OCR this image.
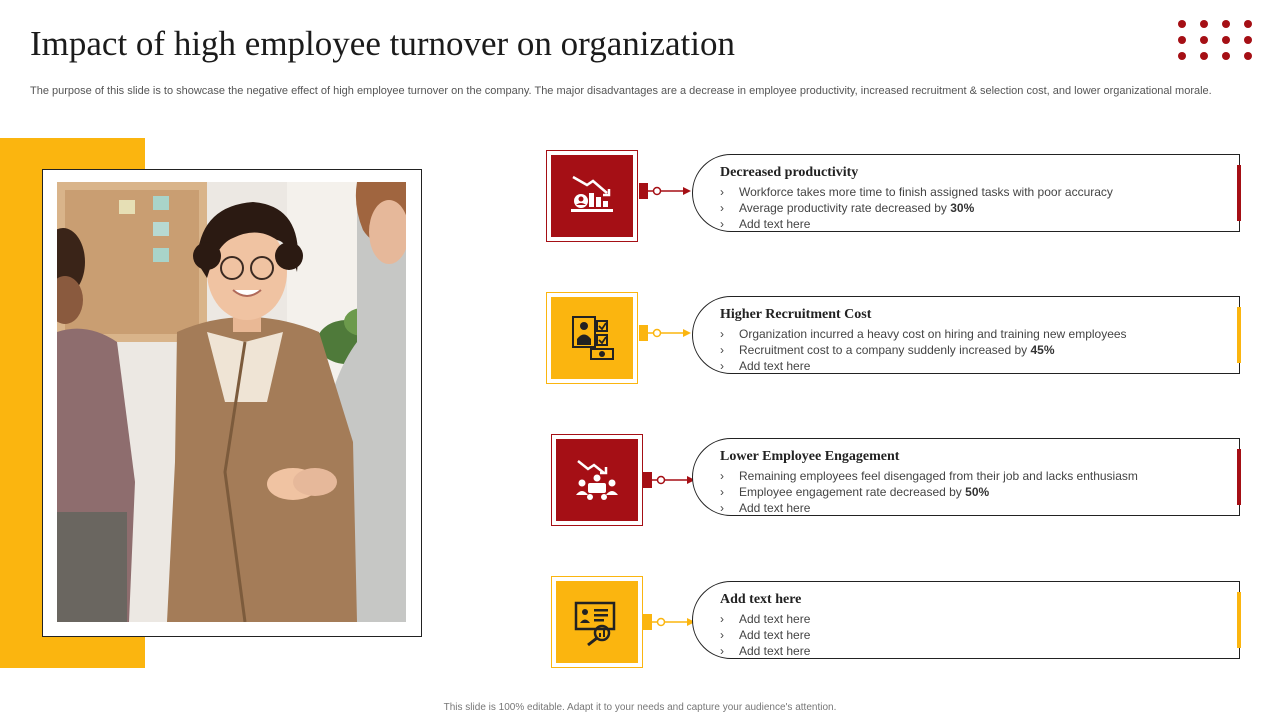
Impact of high employee turnover on organization

The purpose of this slide is to showcase the negative effect of high employee turnover on the company. The major disadvantages are a decrease in employee productivity, increased recruitment & selection cost, and lower organizational morale.

Decreased productivity
› Workforce takes more time to finish assigned tasks with poor accuracy
› Average productivity rate decreased by 30%
› Add text here
Higher Recruitment Cost
› Organization incurred a heavy cost on hiring and training new employees
› Recruitment cost to a company suddenly increased by 45%
› Add text here
Lower Employee Engagement
› Remaining employees feel disengaged from their job and lacks enthusiasm
› Employee engagement rate decreased by 50%
› Add text here
Add text here
› Add text here
› Add text here
› Add text here
This slide is 100% editable. Adapt it to your needs and capture your audience's attention.
